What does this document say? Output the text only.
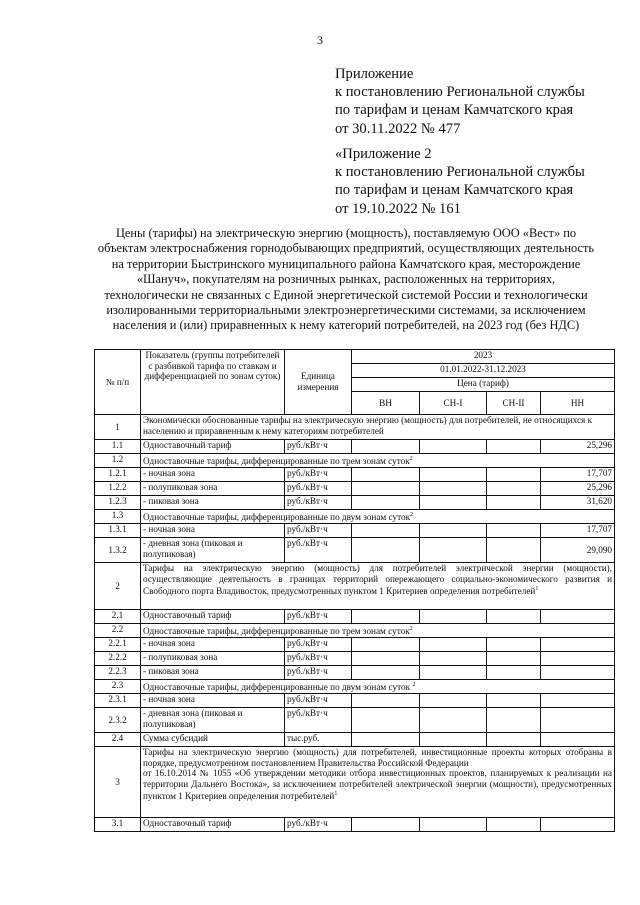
3
Приложение
к постановлению Региональной службы
по тарифам и ценам Камчатского края
от 30.11.2022 № 477
«Приложение 2
к постановлению Региональной службы
по тарифам и ценам Камчатского края
от 19.10.2022 № 161
Цены (тарифы) на электрическую энергию (мощность), поставляемую ООО «Вест» по
объектам электроснабжения горнодобывающих предприятий, осуществляющих деятельность
на территории Быстринского муниципального района Камчатского края, месторождение
«Шануч», покупателям на розничных рынках, расположенных на территориях,
технологически не связанных с Единой энергетической системой России и технологически
изолированными территориальными электроэнергетическими системами, за исключением
населения и (или) приравненных к нему категорий потребителей, на 2023 год (без НДС)
№ п/п	Показатель (группы потребителей с разбивкой тарифа по ставкам и дифференциацией по зонам суток)	Единица измерения	2023			
			01.01.2022-31.12.2023			
			Цена (тариф)			
			ВН	СН-I	СН-II	НН
1	Экономически обоснованные тарифы на электрическую энергию (мощность) для потребителей, не относящихся к населению и приравненным к нему категориям потребителей					
1.1	Одноставочный тариф	руб./кВт·ч				25,296
1.2	Одноставочные тарифы, дифференцированные по трем зонам суток$^2$
1.2.1	- ночная зона	руб./кВт·ч				17,707
1.2.2	- полупиковая зона	руб./кВт·ч				25,296
1.2.3	- пиковая зона	руб./кВт·ч				31,620
1.3	Одноставочные тарифы, дифференцированные по двум зонам суток$^2$
1.3.1	- ночная зона	руб./кВт·ч				17,707
1.3.2	- дневная зона (пиковая и полупиковая)	руб./кВт·ч				29,090
2	Тарифы на электрическую энергию (мощность) для потребителей электрической энергии (мощности), осуществляющие деятельность в границах территорий опережающего социально-экономического развития и Свободного порта Владивосток, предусмотренных пунктом 1 Критериев определения потребителей$^1$
2.1	Одноставочный тариф	руб./кВт·ч				
2.2	Одноставочные тарифы, дифференцированные по трем зонам суток$^2$
2.2.1	- ночная зона	руб./кВт·ч				
2.2.2	- полупиковая зона	руб./кВт·ч				
2.2.3	- пиковая зона	руб./кВт·ч				
2.3	Одноставочные тарифы, дифференцированные по двум зонам суток $^2$
2.3.1	- ночная зона	руб./кВт·ч				
2.3.2	- дневная зона (пиковая и полупиковая)	руб./кВт·ч				
2.4	Сумма субсидий	тыс.руб.				
3	Тарифы на электрическую энергию (мощность) для потребителей, инвестиционные проекты которых отобраны в порядке, предусмотренном постановлением Правительства Российской Федерации
от 16.10.2014 № 1055 «Об утверждении методики отбора инвестиционных проектов, планируемых к реализации на территории Дальнего Востока», за исключением потребителей электрической энергии (мощности), предусмотренных пунктом 1 Критериев определения потребителей$^1$

3.1	Одноставочный тариф	руб./кВт·ч				
